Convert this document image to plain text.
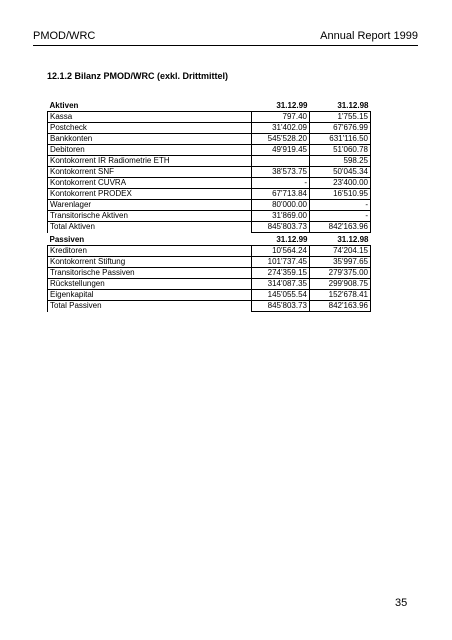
PMOD/WRC	Annual Report 1999
12.1.2 Bilanz PMOD/WRC (exkl. Drittmittel)
Aktiven	31.12.99	31.12.98
Kassa	797.40	1'755.15
Postcheck	31'402.09	67'676.99
Bankkonten	545'528.20	631'116.50
Debitoren	49'919.45	51'060.78
Kontokorrent IR Radiometrie ETH		598.25
Kontokorrent SNF	38'573.75	50'045.34
Kontokorrent CUVRA	-	23'400.00
Kontokorrent PRODEX	67'713.84	16'510.95
Warenlager	80'000.00	-
Transitorische Aktiven	31'869.00	-
Total Aktiven	845'803.73	842'163.96
Passiven	31.12.99	31.12.98
Kreditoren	10'564.24	74'204.15
Kontokorrent Stiftung	101'737.45	35'997.65
Transitorische Passiven	274'359.15	279'375.00
Rückstellungen	314'087.35	299'908.75
Eigenkapital	145'055.54	152'678.41
Total Passiven	845'803.73	842'163.96
35
